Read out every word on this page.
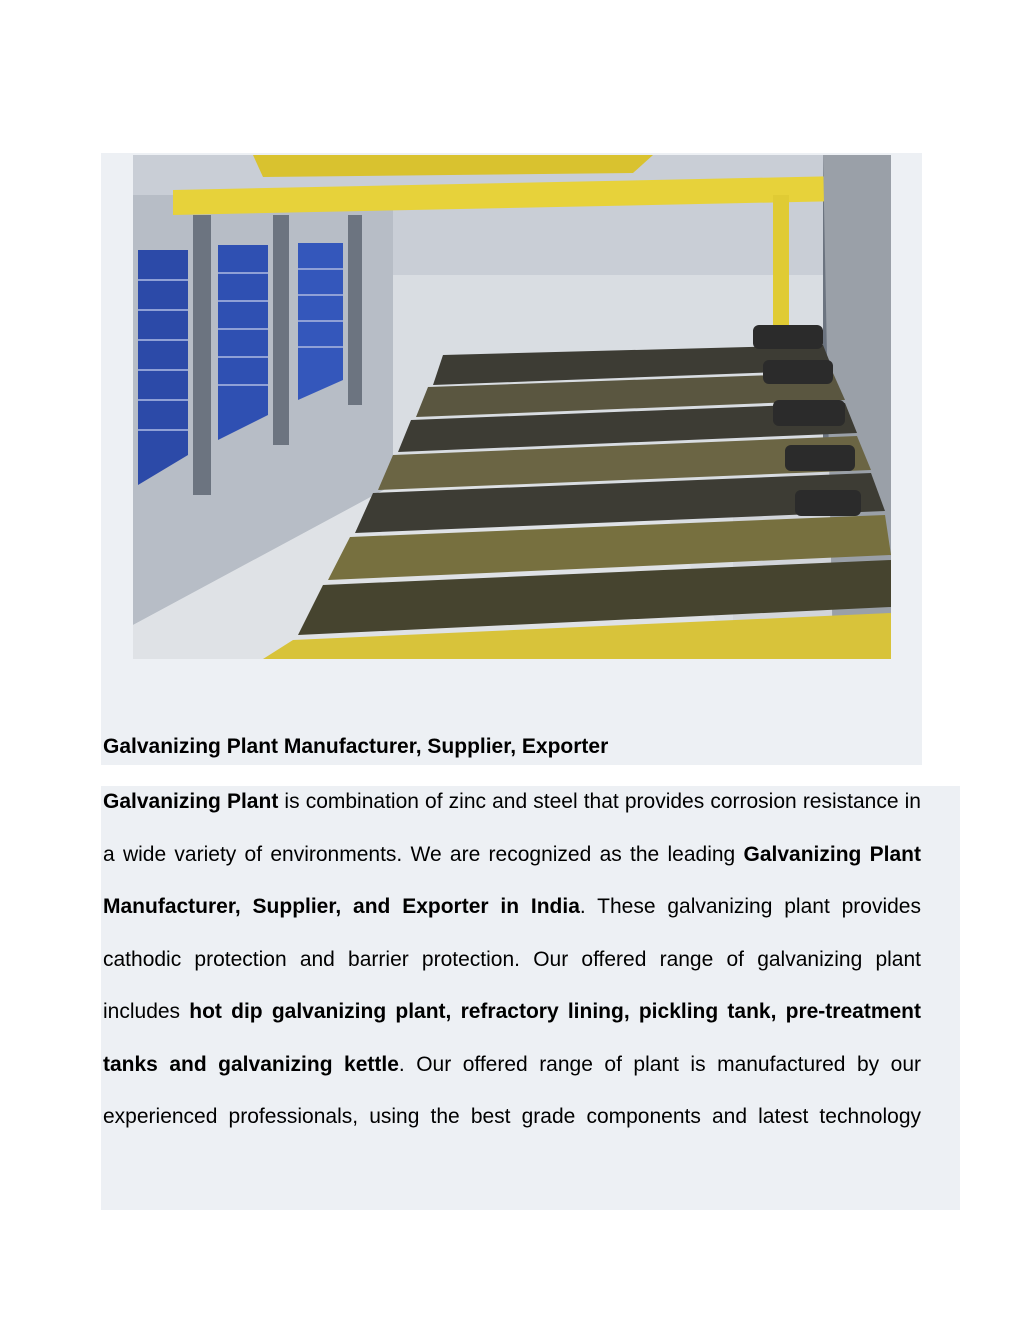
Galvanizing Plant Manufacturer, Supplier, Exporter

Galvanizing Plant is combination of zinc and steel that provides corrosion resistance in a wide variety of environments. We are recognized as the leading Galvanizing Plant Manufacturer, Supplier, and Exporter in India. These galvanizing plant provides cathodic protection and barrier protection. Our offered range of galvanizing plant includes hot dip galvanizing plant, refractory lining, pickling tank, pre-treatment tanks and galvanizing kettle. Our offered range of plant is manufactured by our experienced professionals, using the best grade components and latest technology
